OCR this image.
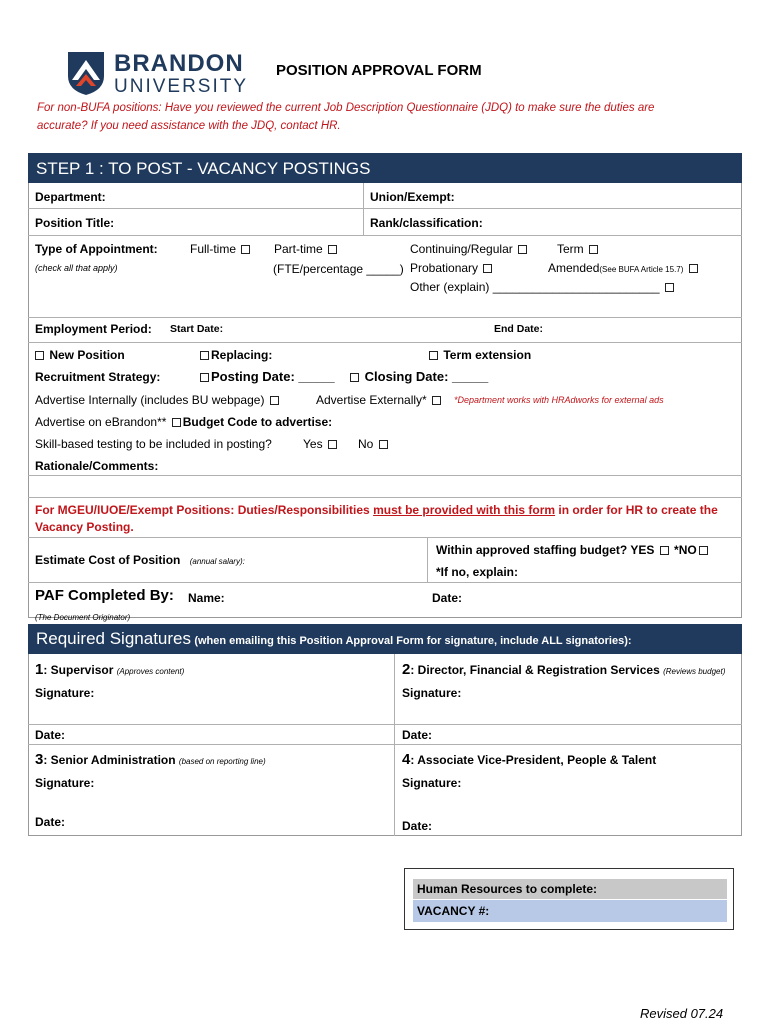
BRANDON
UNIVERSITY
POSITION APPROVAL FORM
For non-BUFA positions: Have you reviewed the current Job Description Questionnaire (JDQ) to make sure the duties are
accurate? If you need assistance with the JDQ, contact HR.
STEP 1 : TO POST - VACANCY POSTINGS
Department:	Union/Exempt:
Position Title:	Rank/classification:
Type of Appointment:
(check all that apply)
Full-time	Part-time
(FTE/percentage _____)
Continuing/Regular	Term
Probationary	Amended(See BUFA Article 15.7)
Other (explain) _________________________
Employment Period: Start Date:	End Date:
New Position	Replacing:	Term extension
Recruitment Strategy:	Posting Date: _____	Closing Date: _____
Advertise Internally (includes BU webpage)	Advertise Externally*	*Department works with HRAdworks for external ads
Advertise on eBrandon** Budget Code to advertise:
Skill-based testing to be included in posting?	Yes	No
Rationale/Comments:
For MGEU/IUOE/Exempt Positions: Duties/Responsibilities must be provided with this form in order for HR to create the
Vacancy Posting.
Estimate Cost of Position (annual salary):
Within approved staffing budget? YES *NO
*If no, explain:
PAF Completed By: Name:	Date:
(The Document Originator)
Required Signatures (when emailing this Position Approval Form for signature, include ALL signatories):
1: Supervisor (Approves content)	2: Director, Financial & Registration Services (Reviews budget)
Signature:	Signature:
Date:	Date:
3: Senior Administration (based on reporting line)	4: Associate Vice-President, People & Talent
Signature:	Signature:
Date:	Date:
Human Resources to complete:
VACANCY #:
Revised 07.24
